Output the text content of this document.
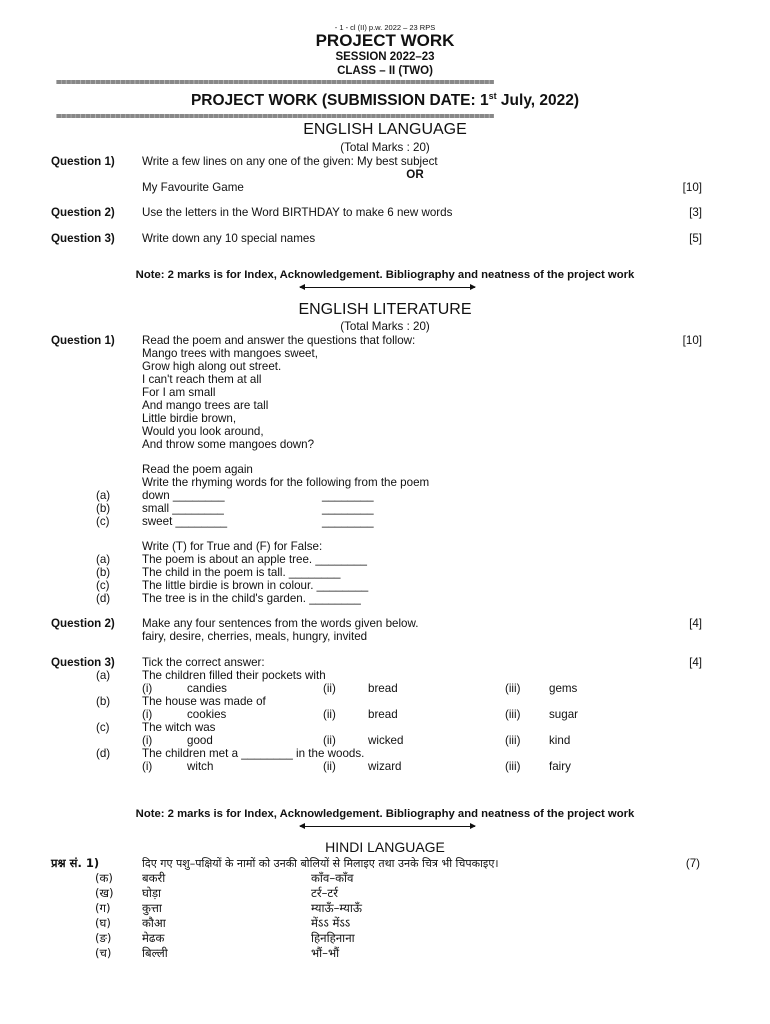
- 1 - cl (II) p.w. 2022 – 23 RPS
PROJECT WORK
SESSION 2022–23
CLASS – II (TWO)
=========================================================================================
PROJECT WORK (SUBMISSION DATE: 1st July, 2022)
=========================================================================================
ENGLISH LANGUAGE
(Total Marks : 20)
Question 1) Write a few lines on any one of the given: My best subject
OR
My Favourite Game	[10]
Question 2) Use the letters in the Word BIRTHDAY to make 6 new words	[3]
Question 3) Write down any 10 special names	[5]
Note: 2 marks is for Index, Acknowledgement. Bibliography and neatness of the project work
ENGLISH LITERATURE
(Total Marks : 20)
Question 1)	[10]
Read the poem and answer the questions that follow:
Mango trees with mangoes sweet,
Grow high along out street.
I can't reach them at all
For I am small
And mango trees are tall
Little birdie brown,
Would you look around,
And throw some mangoes down?
Read the poem again
Write the rhyming words for the following from the poem
(a)	down ________	________
(b)	small ________	________
(c)	sweet ________	________
Write (T) for True and (F) for False:
(a)	The poem is about an apple tree. ________
(b)	The child in the poem is tall. ________
(c)	The little birdie is brown in colour. ________
(d)	The tree is in the child's garden. ________
Question 2) Make any four sentences from the words given below.	[4]
fairy, desire, cherries, meals, hungry, invited
Question 3) Tick the correct answer:	[4]
(a)	The children filled their pockets with
(i)	candies	(ii)	bread	(iii) gems
(b)	The house was made of
(i)	cookies	(ii)	bread	(iii) sugar
(c)	The witch was
(i)	good	(ii)	wicked	(iii) kind
(d)	The children met a ________ in the woods.
(i)	witch	(ii)	wizard	(iii) fairy
Note: 2 marks is for Index, Acknowledgement. Bibliography and neatness of the project work
HINDI LANGUAGE
प्रश्न सं. 1)	दिए गए पशु–पक्षियों के नामों को उनकी बोलियों से मिलाइए तथा उनके चित्र भी चिपकाइए।	(7)
(क)	बकरी	काँव–काँव
(ख) घोड़ा	टर्र–टर्र
(ग)	कुत्ता	म्याऊँ–म्याऊँ
(घ)	कौआ	मेंऽऽ मेंऽऽ
(ङ)	मेढक	हिनहिनाना
(च)	बिल्ली	भौं–भौं
